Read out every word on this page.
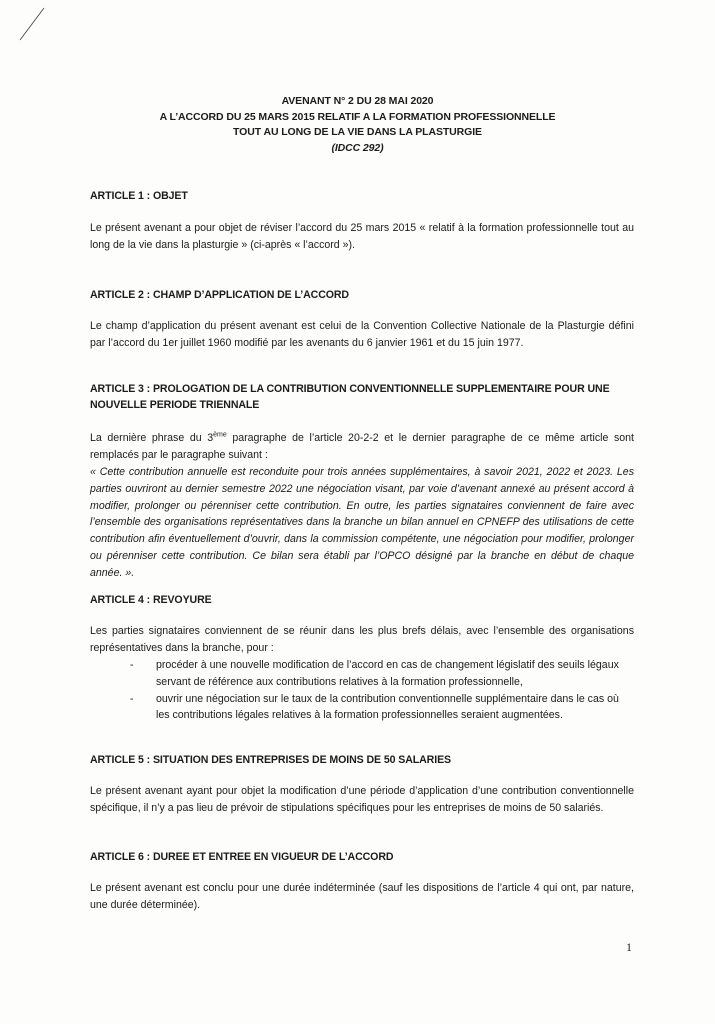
AVENANT N° 2 DU 28 MAI 2020
A L’ACCORD DU 25 MARS 2015 RELATIF A LA FORMATION PROFESSIONNELLE
TOUT AU LONG DE LA VIE DANS LA PLASTURGIE
(IDCC 292)
ARTICLE 1 : OBJET
Le présent avenant a pour objet de réviser l’accord du 25 mars 2015 « relatif à la formation professionnelle tout au long de la vie dans la plasturgie » (ci-après « l’accord »).
ARTICLE 2 : CHAMP D’APPLICATION DE L’ACCORD
Le champ d’application du présent avenant est celui de la Convention Collective Nationale de la Plasturgie défini par l’accord du 1er juillet 1960 modifié par les avenants du 6 janvier 1961 et du 15 juin 1977.
ARTICLE 3 : PROLOGATION DE LA CONTRIBUTION CONVENTIONNELLE SUPPLEMENTAIRE POUR UNE
NOUVELLE PERIODE TRIENNALE
La dernière phrase du 3ème paragraphe de l’article 20-2-2 et le dernier paragraphe de ce même article sont remplacés par le paragraphe suivant :
« Cette contribution annuelle est reconduite pour trois années supplémentaires, à savoir 2021, 2022 et 2023. Les parties ouvriront au dernier semestre 2022 une négociation visant, par voie d’avenant annexé au présent accord à modifier, prolonger ou pérenniser cette contribution. En outre, les parties signataires conviennent de faire avec l’ensemble des organisations représentatives dans la branche un bilan annuel en CPNEFP des utilisations de cette contribution afin éventuellement d’ouvrir, dans la commission compétente, une négociation pour modifier, prolonger ou pérenniser cette contribution. Ce bilan sera établi par l’OPCO désigné par la branche en début de chaque année. ».
ARTICLE 4 : REVOYURE
Les parties signataires conviennent de se réunir dans les plus brefs délais, avec l’ensemble des organisations représentatives dans la branche, pour :
- procéder à une nouvelle modification de l’accord en cas de changement législatif des seuils légaux servant de référence aux contributions relatives à la formation professionnelle,
- ouvrir une négociation sur le taux de la contribution conventionnelle supplémentaire dans le cas où les contributions légales relatives à la formation professionnelles seraient augmentées.
ARTICLE 5 : SITUATION DES ENTREPRISES DE MOINS DE 50 SALARIES
Le présent avenant ayant pour objet la modification d’une période d’application d’une contribution conventionnelle spécifique, il n’y a pas lieu de prévoir de stipulations spécifiques pour les entreprises de moins de 50 salariés.
ARTICLE 6 : DUREE ET ENTREE EN VIGUEUR DE L’ACCORD
Le présent avenant est conclu pour une durée indéterminée (sauf les dispositions de l’article 4 qui ont, par nature, une durée déterminée).
1
